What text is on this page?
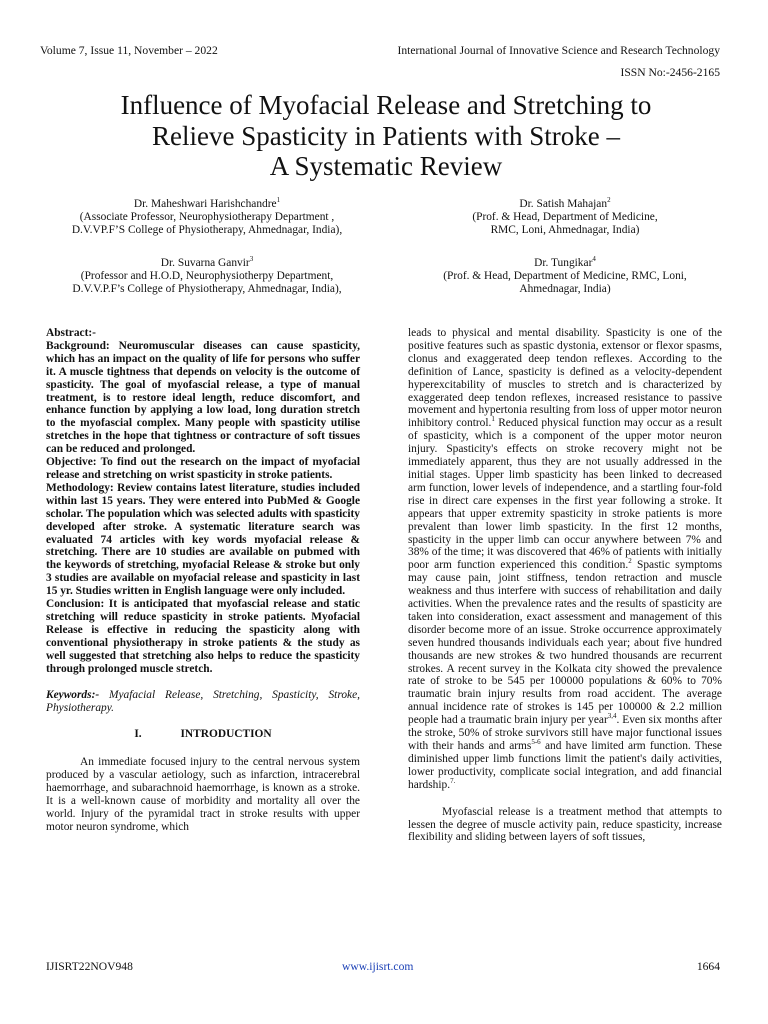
Volume 7, Issue 11, November – 2022	International Journal of Innovative Science and Research Technology
ISSN No:-2456-2165
Influence of Myofacial Release and Stretching to
Relieve Spasticity in Patients with Stroke –
A Systematic Review
Dr. Maheshwari Harishchandre$^1$
(Associate Professor, Neurophysiotherapy Department ,
D.V.VP.F’S College of Physiotherapy, Ahmednagar, India),
Dr. Satish Mahajan$^2$
(Prof. & Head, Department of Medicine,
RMC, Loni, Ahmednagar, India)
Dr. Suvarna Ganvir$^3$
(Professor and H.O.D, Neurophysiotherpy Department,
D.V.V.P.F’s College of Physiotherapy, Ahmednagar, India),
Dr. Tungikar$^4$
(Prof. & Head, Department of Medicine, RMC, Loni,
Ahmednagar, India)

Abstract:-

Background: Neuromuscular diseases can cause spasticity, which has an impact on the quality of life for persons who suffer it. A muscle tightness that depends on velocity is the outcome of spasticity. The goal of myofascial release, a type of manual treatment, is to restore ideal length, reduce discomfort, and enhance function by applying a low load, long duration stretch to the myofascial complex. Many people with spasticity utilise stretches in the hope that tightness or contracture of soft tissues can be reduced and prolonged.

Objective: To find out the research on the impact of myofacial release and stretching on wrist spasticity in stroke patients.

Methodology: Review contains latest literature, studies included within last 15 years. They were entered into PubMed & Google scholar. The population which was selected adults with spasticity developed after stroke. A systematic literature search was evaluated 74 articles with key words myofacial release & stretching. There are 10 studies are available on pubmed with the keywords of stretching, myofacial Release & stroke but only 3 studies are available on myofacial release and spasticity in last 15 yr. Studies written in English language were only included.

Conclusion: It is anticipated that myofascial release and static stretching will reduce spasticity in stroke patients. Myofacial Release is effective in reducing the spasticity along with conventional physiotherapy in stroke patients & the study as well suggested that stretching also helps to reduce the spasticity through prolonged muscle stretch.

Keywords:- Myafacial Release, Stretching, Spasticity, Stroke, Physiotherapy.

I.	INTRODUCTION

An immediate focused injury to the central nervous system produced by a vascular aetiology, such as infarction, intracerebral haemorrhage, and subarachnoid haemorrhage, is known as a stroke. It is a well-known cause of morbidity and mortality all over the world. Injury of the pyramidal tract in stroke results with upper motor neuron syndrome, which

leads to physical and mental disability. Spasticity is one of the positive features such as spastic dystonia, extensor or flexor spasms, clonus and exaggerated deep tendon reflexes. According to the definition of Lance, spasticity is defined as a velocity-dependent hyperexcitability of muscles to stretch and is characterized by exaggerated deep tendon reflexes, increased resistance to passive movement and hypertonia resulting from loss of upper motor neuron inhibitory control.$^1$ Reduced physical function may occur as a result of spasticity, which is a component of the upper motor neuron injury. Spasticity's effects on stroke recovery might not be immediately apparent, thus they are not usually addressed in the initial stages. Upper limb spasticity has been linked to decreased arm function, lower levels of independence, and a startling four-fold rise in direct care expenses in the first year following a stroke. It appears that upper extremity spasticity in stroke patients is more prevalent than lower limb spasticity. In the first 12 months, spasticity in the upper limb can occur anywhere between 7% and 38% of the time; it was discovered that 46% of patients with initially poor arm function experienced this condition.$^2$ Spastic symptoms may cause pain, joint stiffness, tendon retraction and muscle weakness and thus interfere with success of rehabilitation and daily activities. When the prevalence rates and the results of spasticity are taken into consideration, exact assessment and management of this disorder become more of an issue. Stroke occurrence approximately seven hundred thousands individuals each year; about five hundred thousands are new strokes & two hundred thousands are recurrent strokes. A recent survey in the Kolkata city showed the prevalence rate of stroke to be 545 per 100000 populations & 60% to 70% traumatic brain injury results from road accident. The average annual incidence rate of strokes is 145 per 100000 & 2.2 million people had a traumatic brain injury per year$^{3,4}$. Even six months after the stroke, 50% of stroke survivors still have major functional issues with their hands and arms$^{5-6}$ and have limited arm function. These diminished upper limb functions limit the patient's daily activities, lower productivity, complicate social integration, and add financial hardship.$^{7.}$

Myofascial release is a treatment method that attempts to lessen the degree of muscle activity pain, reduce spasticity, increase flexibility and sliding between layers of soft tissues,

IJISRT22NOV948	www.ijisrt.com	1664
